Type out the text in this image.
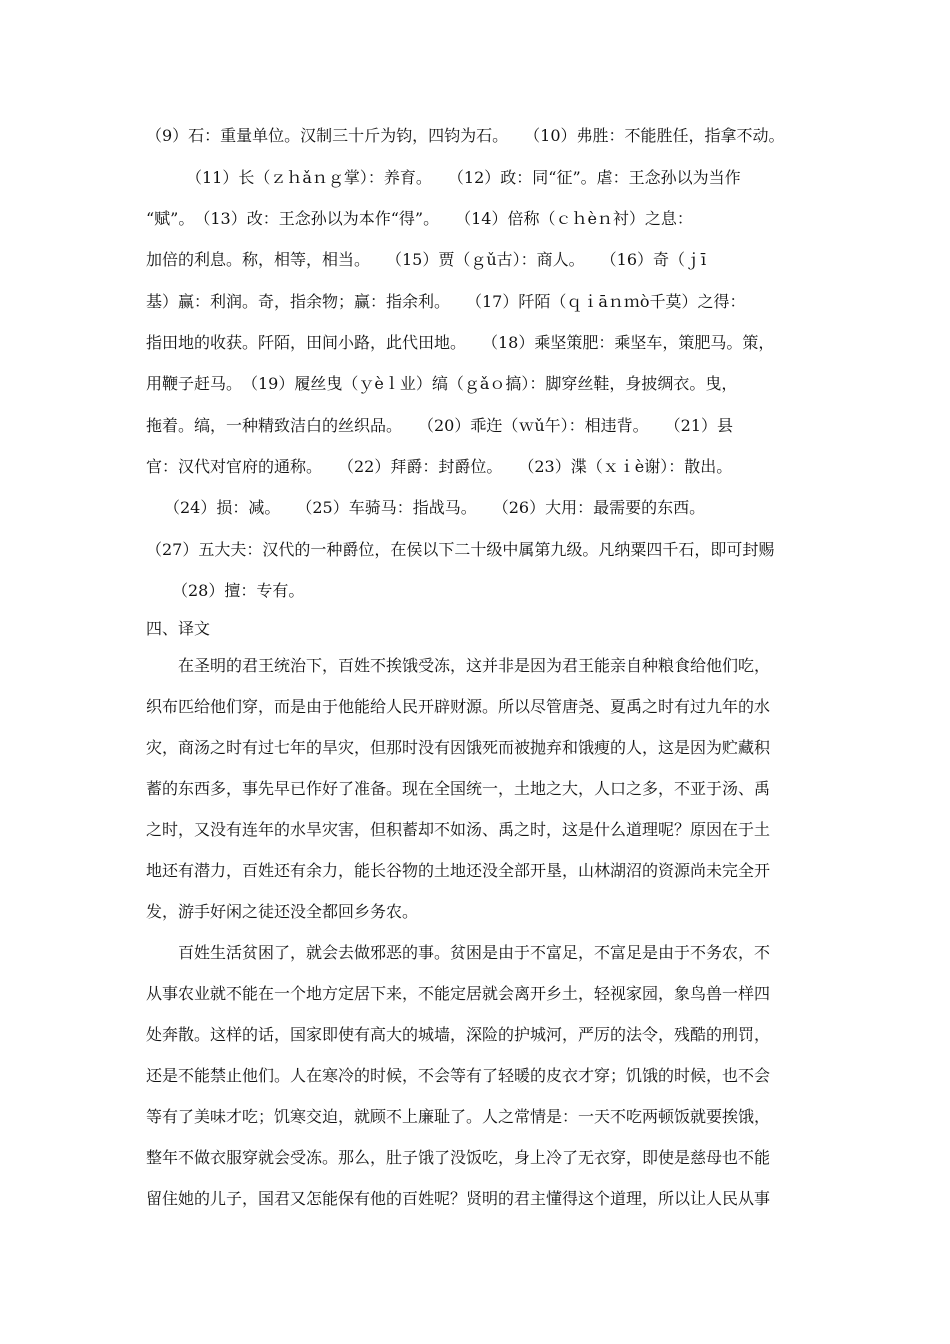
（9）石：重量单位。汉制三十斤为钧，四钧为石。　　（10）弗胜：不能胜任，指拿不动。
（11）长（ｚｈǎｎｇ掌）：养育。　　（12）政：同“征”。虐：王念孙以为当作
“赋”。　（13）改：王念孙以为本作“得”。　　（14）倍称（ｃｈèｎ衬）之息：
加倍的利息。称，相等，相当。　　（15）贾（ｇǔ古）：商人。　　（16）奇（ｊī
基）赢：利润。奇，指余物；赢：指余利。　　（17）阡陌（ｑｉāｎｍò千莫）之得：
指田地的收获。阡陌，田间小路，此代田地。　　（18）乘坚策肥：乘坚车，策肥马。策，
用鞭子赶马。　（19）履丝曳（ｙèｌ业）缟（ｇǎｏ搞）：脚穿丝鞋，身披绸衣。曳，
拖着。缟，一种精致洁白的丝织品。　　（20）乖迕（ｗǔ午）：相违背。　　（21）县
官：汉代对官府的通称。　　（22）拜爵：封爵位。　　（23）渫（ｘｉè谢）：散出。
（24）损：减。　　（25）车骑马：指战马。　　（26）大用：最需要的东西。
（27）五大夫：汉代的一种爵位，在侯以下二十级中属第九级。凡纳粟四千石，即可封赐
（28）擅：专有。
四、译文
在圣明的君王统治下，百姓不挨饿受冻，这并非是因为君王能亲自种粮食给他们吃，
织布匹给他们穿，而是由于他能给人民开辟财源。所以尽管唐尧、夏禹之时有过九年的水
灾，商汤之时有过七年的旱灾，但那时没有因饿死而被抛弃和饿瘦的人，这是因为贮藏积
蓄的东西多，事先早已作好了准备。现在全国统一，土地之大，人口之多，不亚于汤、禹
之时，又没有连年的水旱灾害，但积蓄却不如汤、禹之时，这是什么道理呢？原因在于土
地还有潜力，百姓还有余力，能长谷物的土地还没全部开垦，山林湖沼的资源尚未完全开
发，游手好闲之徒还没全都回乡务农。
百姓生活贫困了，就会去做邪恶的事。贫困是由于不富足，不富足是由于不务农，不
从事农业就不能在一个地方定居下来，不能定居就会离开乡土，轻视家园，象鸟兽一样四
处奔散。这样的话，国家即使有高大的城墙，深险的护城河，严厉的法令，残酷的刑罚，
还是不能禁止他们。人在寒冷的时候，不会等有了轻暖的皮衣才穿；饥饿的时候，也不会
等有了美味才吃；饥寒交迫，就顾不上廉耻了。人之常情是：一天不吃两顿饭就要挨饿，
整年不做衣服穿就会受冻。那么，肚子饿了没饭吃，身上冷了无衣穿，即使是慈母也不能
留住她的儿子，国君又怎能保有他的百姓呢？贤明的君主懂得这个道理，所以让人民从事
